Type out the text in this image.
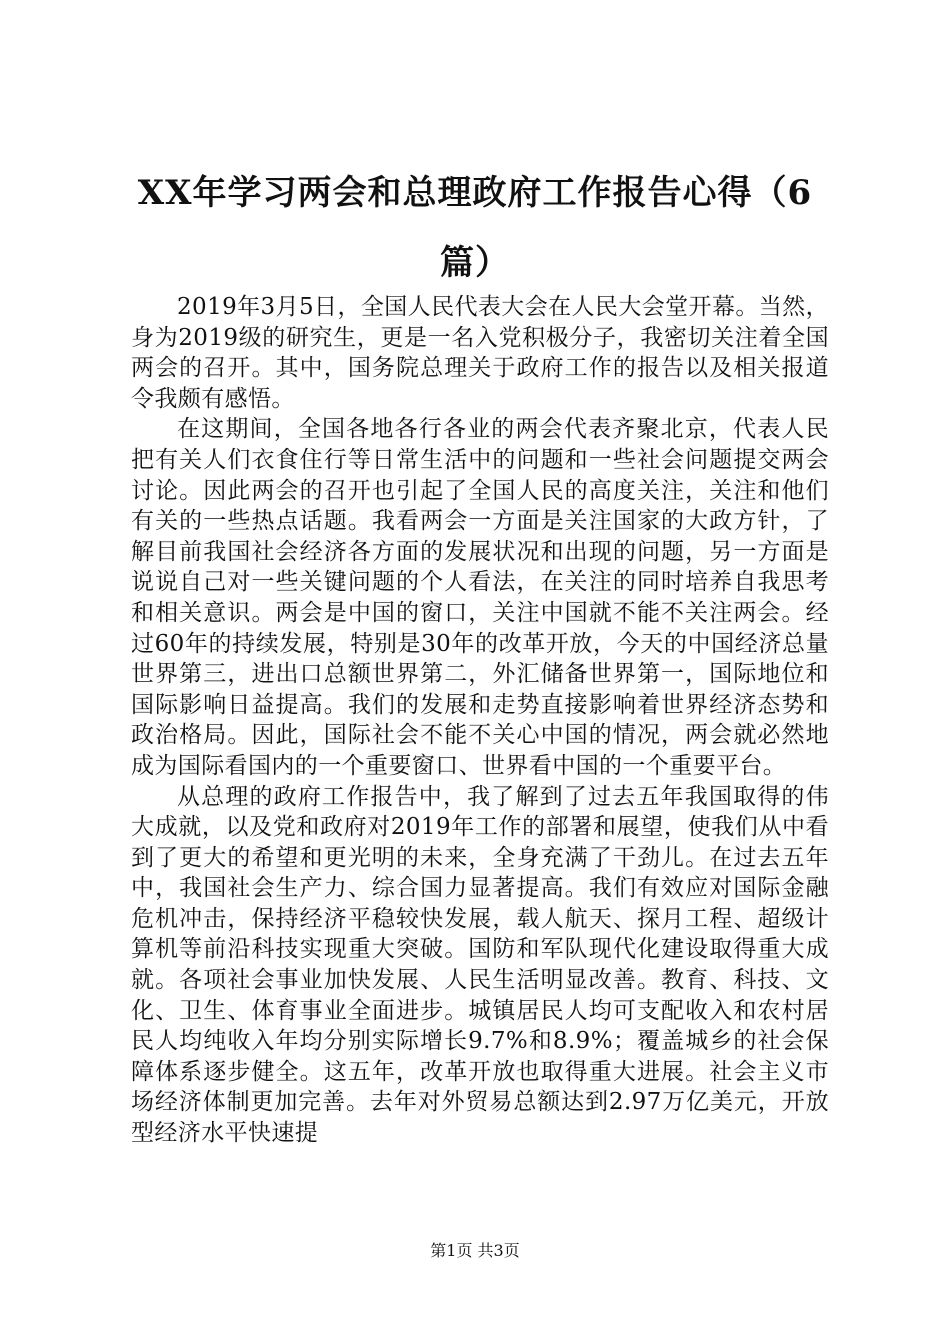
XX年学习两会和总理政府工作报告心得（6篇）

2019年3月5日，全国人民代表大会在人民大会堂开幕。当然，身为2019级的研究生，更是一名入党积极分子，我密切关注着全国两会的召开。其中，国务院总理关于政府工作的报告以及相关报道令我颇有感悟。

在这期间，全国各地各行各业的两会代表齐聚北京，代表人民把有关人们衣食住行等日常生活中的问题和一些社会问题提交两会讨论。因此两会的召开也引起了全国人民的高度关注，关注和他们有关的一些热点话题。我看两会一方面是关注国家的大政方针，了解目前我国社会经济各方面的发展状况和出现的问题，另一方面是说说自己对一些关键问题的个人看法，在关注的同时培养自我思考和相关意识。两会是中国的窗口，关注中国就不能不关注两会。经过60年的持续发展，特别是30年的改革开放，今天的中国经济总量世界第三，进出口总额世界第二，外汇储备世界第一，国际地位和国际影响日益提高。我们的发展和走势直接影响着世界经济态势和政治格局。因此，国际社会不能不关心中国的情况，两会就必然地成为国际看国内的一个重要窗口、世界看中国的一个重要平台。

从总理的政府工作报告中，我了解到了过去五年我国取得的伟大成就，以及党和政府对2019年工作的部署和展望，使我们从中看到了更大的希望和更光明的未来，全身充满了干劲儿。在过去五年中，我国社会生产力、综合国力显著提高。我们有效应对国际金融危机冲击，保持经济平稳较快发展，载人航天、探月工程、超级计算机等前沿科技实现重大突破。国防和军队现代化建设取得重大成就。各项社会事业加快发展、人民生活明显改善。教育、科技、文化、卫生、体育事业全面进步。城镇居民人均可支配收入和农村居民人均纯收入年均分别实际增长9.7%和8.9%；覆盖城乡的社会保障体系逐步健全。这五年，改革开放也取得重大进展。社会主义市场经济体制更加完善。去年对外贸易总额达到2.97万亿美元，开放型经济水平快速提

第1页 共3页
